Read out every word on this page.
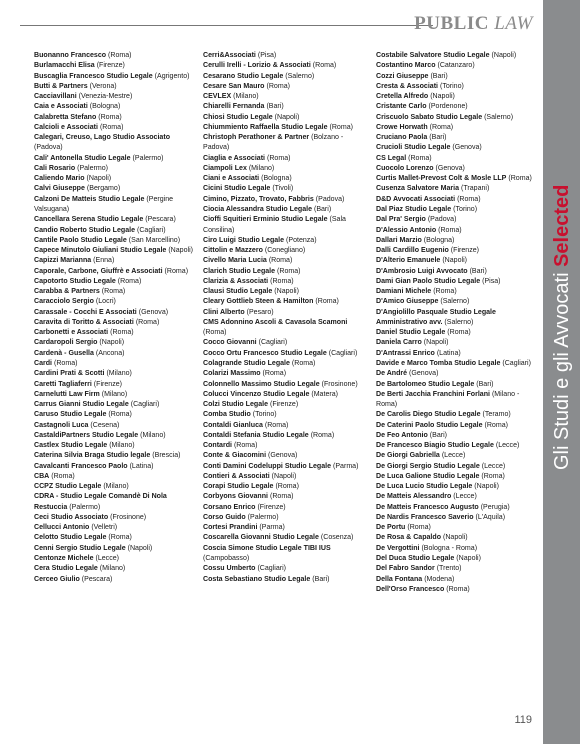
PUBLIC LAW
Gli Studi e gli Avvocati Selected
Buonanno Francesco (Roma)
Burlamacchi Elisa (Firenze)
Buscaglia Francesco Studio Legale (Agrigento)
Butti & Partners (Verona)
Cacciavillani (Venezia-Mestre)
Caia e Associati (Bologna)
Calabretta Stefano (Roma)
Calcioli e Associati (Roma)
Calegari, Creuso, Lago Studio Associato (Padova)
Cali' Antonella Studio Legale (Palermo)
Cali Rosario (Palermo)
Caliendo Mario (Napoli)
Calvi Giuseppe (Bergamo)
Calzoni De Matteis Studio Legale (Pergine Valsugana)
Cancellara Serena Studio Legale (Pescara)
Candio Roberto Studio Legale (Cagliari)
Cantile Paolo Studio Legale (San Marcellino)
Capece Minutolo Giuliani Studio Legale (Napoli)
Capizzi Marianna (Enna)
Caporale, Carbone, Giuffrè e Associati (Roma)
Capotorto Studio Legale (Roma)
Carabba & Partners (Roma)
Caracciolo Sergio (Locri)
Carassale - Cocchi E Associati (Genova)
Caravita di Toritto & Associati (Roma)
Carbonetti e Associati (Roma)
Cardaropoli Sergio (Napoli)
Cardenà - Gusella (Ancona)
Cardi (Roma)
Cardini Prati & Scotti (Milano)
Caretti Tagliaferri (Firenze)
Carnelutti Law Firm (Milano)
Carrus Gianni Studio Legale (Cagliari)
Caruso Studio Legale (Roma)
Castagnoli Luca (Cesena)
CastaldiPartners Studio Legale (Milano)
Castlex Studio Legale (Milano)
Caterina Silvia Braga Studio legale (Brescia)
Cavalcanti Francesco Paolo (Latina)
CBA (Roma)
CCPZ Studio Legale (Milano)
CDRA - Studio Legale Comandè Di Nola Restuccia (Palermo)
Ceci Studio Associato (Frosinone)
Cellucci Antonio (Velletri)
Celotto Studio Legale (Roma)
Cenni Sergio Studio Legale (Napoli)
Centonze Michele (Lecce)
Cera Studio Legale (Milano)
Cerceo Giulio (Pescara)
Cerri&Associati (Pisa)
Cerulli Irelli - Lorizio & Associati (Roma)
Cesarano Studio Legale (Salerno)
Cesare San Mauro (Roma)
CEVLEX (Milano)
Chiarelli Fernanda (Bari)
Chiosi Studio Legale (Napoli)
Chiummiento Raffaella Studio Legale (Roma)
Christoph Perathoner & Partner (Bolzano - Padova)
Ciaglia e Associati (Roma)
Ciampoli Lex (Milano)
Ciani e Associati (Bologna)
Cicini Studio Legale (Tivoli)
Cimino, Pizzato, Trovato, Fabbris (Padova)
Ciocia Alessandra Studio Legale (Bari)
Cioffi Squitieri Erminio Studio Legale (Sala Consilina)
Ciro Luigi Studio Legale (Potenza)
Cittolin e Mazzero (Conegliano)
Civello Maria Lucia (Roma)
Clarich Studio Legale (Roma)
Clarizia & Associati (Roma)
Clausi Studio Legale (Napoli)
Cleary Gottlieb Steen & Hamilton (Roma)
Clini Alberto (Pesaro)
CMS Adonnino Ascoli & Cavasola Scamoni (Roma)
Cocco Giovanni (Cagliari)
Cocco Ortu Francesco Studio Legale (Cagliari)
Colagrande Studio Legale (Roma)
Colarizi Massimo (Roma)
Colonnello Massimo Studio Legale (Frosinone)
Colucci Vincenzo Studio Legale (Matera)
Colzi Studio Legale (Firenze)
Comba Studio (Torino)
Contaldi Gianluca (Roma)
Contaldi Stefania Studio Legale (Roma)
Contardi (Roma)
Conte & Giacomini (Genova)
Conti Damini Codeluppi Studio Legale (Parma)
Contieri & Associati (Napoli)
Corapi Studio Legale (Roma)
Corbyons Giovanni (Roma)
Corsano Enrico (Firenze)
Corso Guido (Palermo)
Cortesi Prandini (Parma)
Coscarella Giovanni Studio Legale (Cosenza)
Coscia Simone Studio Legale TIBI IUS (Campobasso)
Cossu Umberto (Cagliari)
Costa Sebastiano Studio Legale (Bari)
Costabile Salvatore Studio Legale (Napoli)
Costantino Marco (Catanzaro)
Cozzi Giuseppe (Bari)
Cresta & Associati (Torino)
Cretella Alfredo (Napoli)
Cristante Carlo (Pordenone)
Criscuolo Sabato Studio Legale (Salerno)
Crowe Horwath (Roma)
Cruciano Paola (Bari)
Crucioli Studio Legale (Genova)
CS Legal (Roma)
Cuocolo Lorenzo (Genova)
Curtis Mallet-Prevost Colt & Mosle LLP (Roma)
Cusenza Salvatore Maria (Trapani)
D&D Avvocati Associati (Roma)
Dal Piaz Studio Legale (Torino)
Dal Pra' Sergio (Padova)
D'Alessio Antonio (Roma)
Dallari Marzio (Bologna)
Dalli Cardillo Eugenio (Firenze)
D'Alterio Emanuele (Napoli)
D'Ambrosio Luigi Avvocato (Bari)
Dami Gian Paolo Studio Legale (Pisa)
Damiani Michele (Roma)
D'Amico Giuseppe (Salerno)
D'Angiolillo Pasquale Studio Legale Amministrativo avv. (Salerno)
Daniel Studio Legale (Roma)
Daniela Carro (Napoli)
D'Antrassi Enrico (Latina)
Davide e Marco Tomba Studio Legale (Cagliari)
De André (Genova)
De Bartolomeo Studio Legale (Bari)
De Berti Jacchia Franchini Forlani (Milano - Roma)
De Carolis Diego Studio Legale (Teramo)
De Caterini Paolo Studio Legale (Roma)
De Feo Antonio (Bari)
De Francesco Biagio Studio Legale (Lecce)
De Giorgi Gabriella (Lecce)
De Giorgi Sergio Studio Legale (Lecce)
De Luca Galione Studio Legale (Roma)
De Luca Lucio Studio Legale (Napoli)
De Matteis Alessandro (Lecce)
De Matteis Francesco Augusto (Perugia)
De Nardis Francesco Saverio (L'Aquila)
De Portu (Roma)
De Rosa & Capaldo (Napoli)
De Vergottini (Bologna - Roma)
Del Duca Studio Legale (Napoli)
Del Fabro Sandor (Trento)
Della Fontana (Modena)
Dell'Orso Francesco (Roma)
119
